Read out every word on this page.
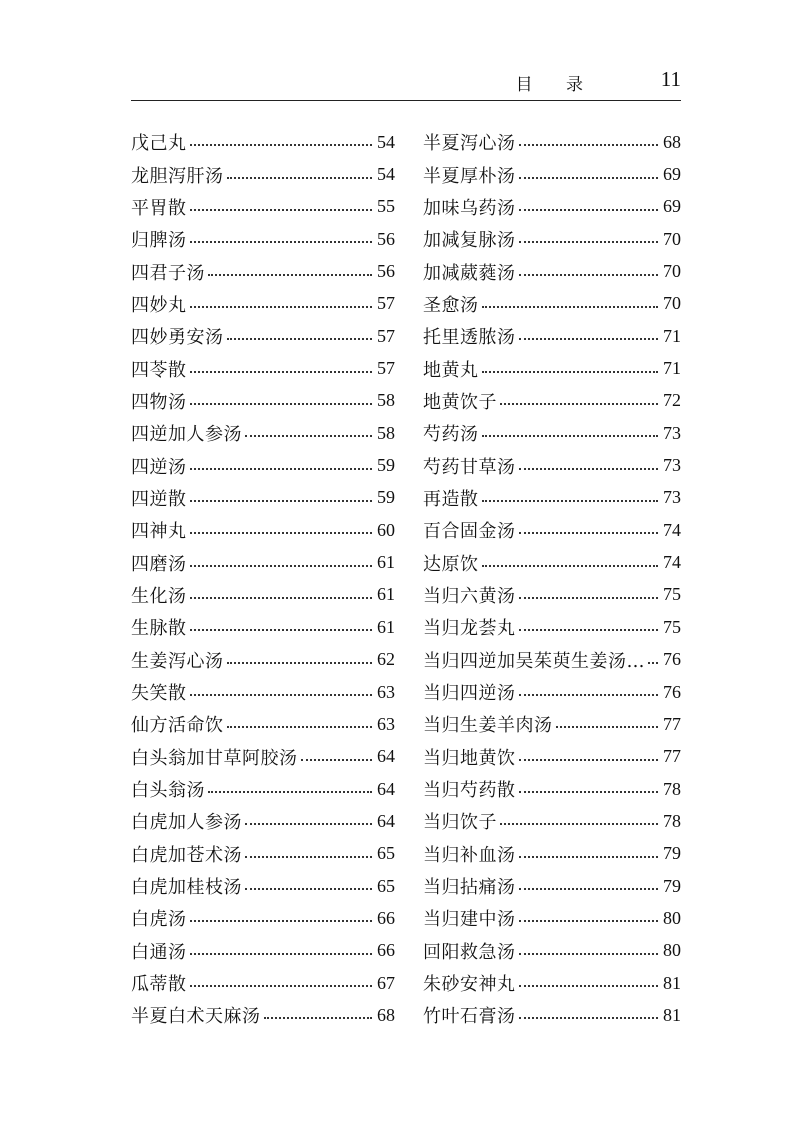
目 录	11
戊己丸	54
龙胆泻肝汤	54
平胃散	55
归脾汤	56
四君子汤	56
四妙丸	57
四妙勇安汤	57
四苓散	57
四物汤	58
四逆加人参汤	58
四逆汤	59
四逆散	59
四神丸	60
四磨汤	61
生化汤	61
生脉散	61
生姜泻心汤	62
失笑散	63
仙方活命饮	63
白头翁加甘草阿胶汤	64
白头翁汤	64
白虎加人参汤	64
白虎加苍术汤	65
白虎加桂枝汤	65
白虎汤	66
白通汤	66
瓜蒂散	67
半夏白术天麻汤	68
半夏泻心汤	68
半夏厚朴汤	69
加味乌药汤	69
加减复脉汤	70
加减葳蕤汤	70
圣愈汤	70
托里透脓汤	71
地黄丸	71
地黄饮子	72
芍药汤	73
芍药甘草汤	73
再造散	73
百合固金汤	74
达原饮	74
当归六黄汤	75
当归龙荟丸	75
当归四逆加吴茱萸生姜汤… 76
当归四逆汤	76
当归生姜羊肉汤	77
当归地黄饮	77
当归芍药散	78
当归饮子	78
当归补血汤	79
当归拈痛汤	79
当归建中汤	80
回阳救急汤	80
朱砂安神丸	81
竹叶石膏汤	81
